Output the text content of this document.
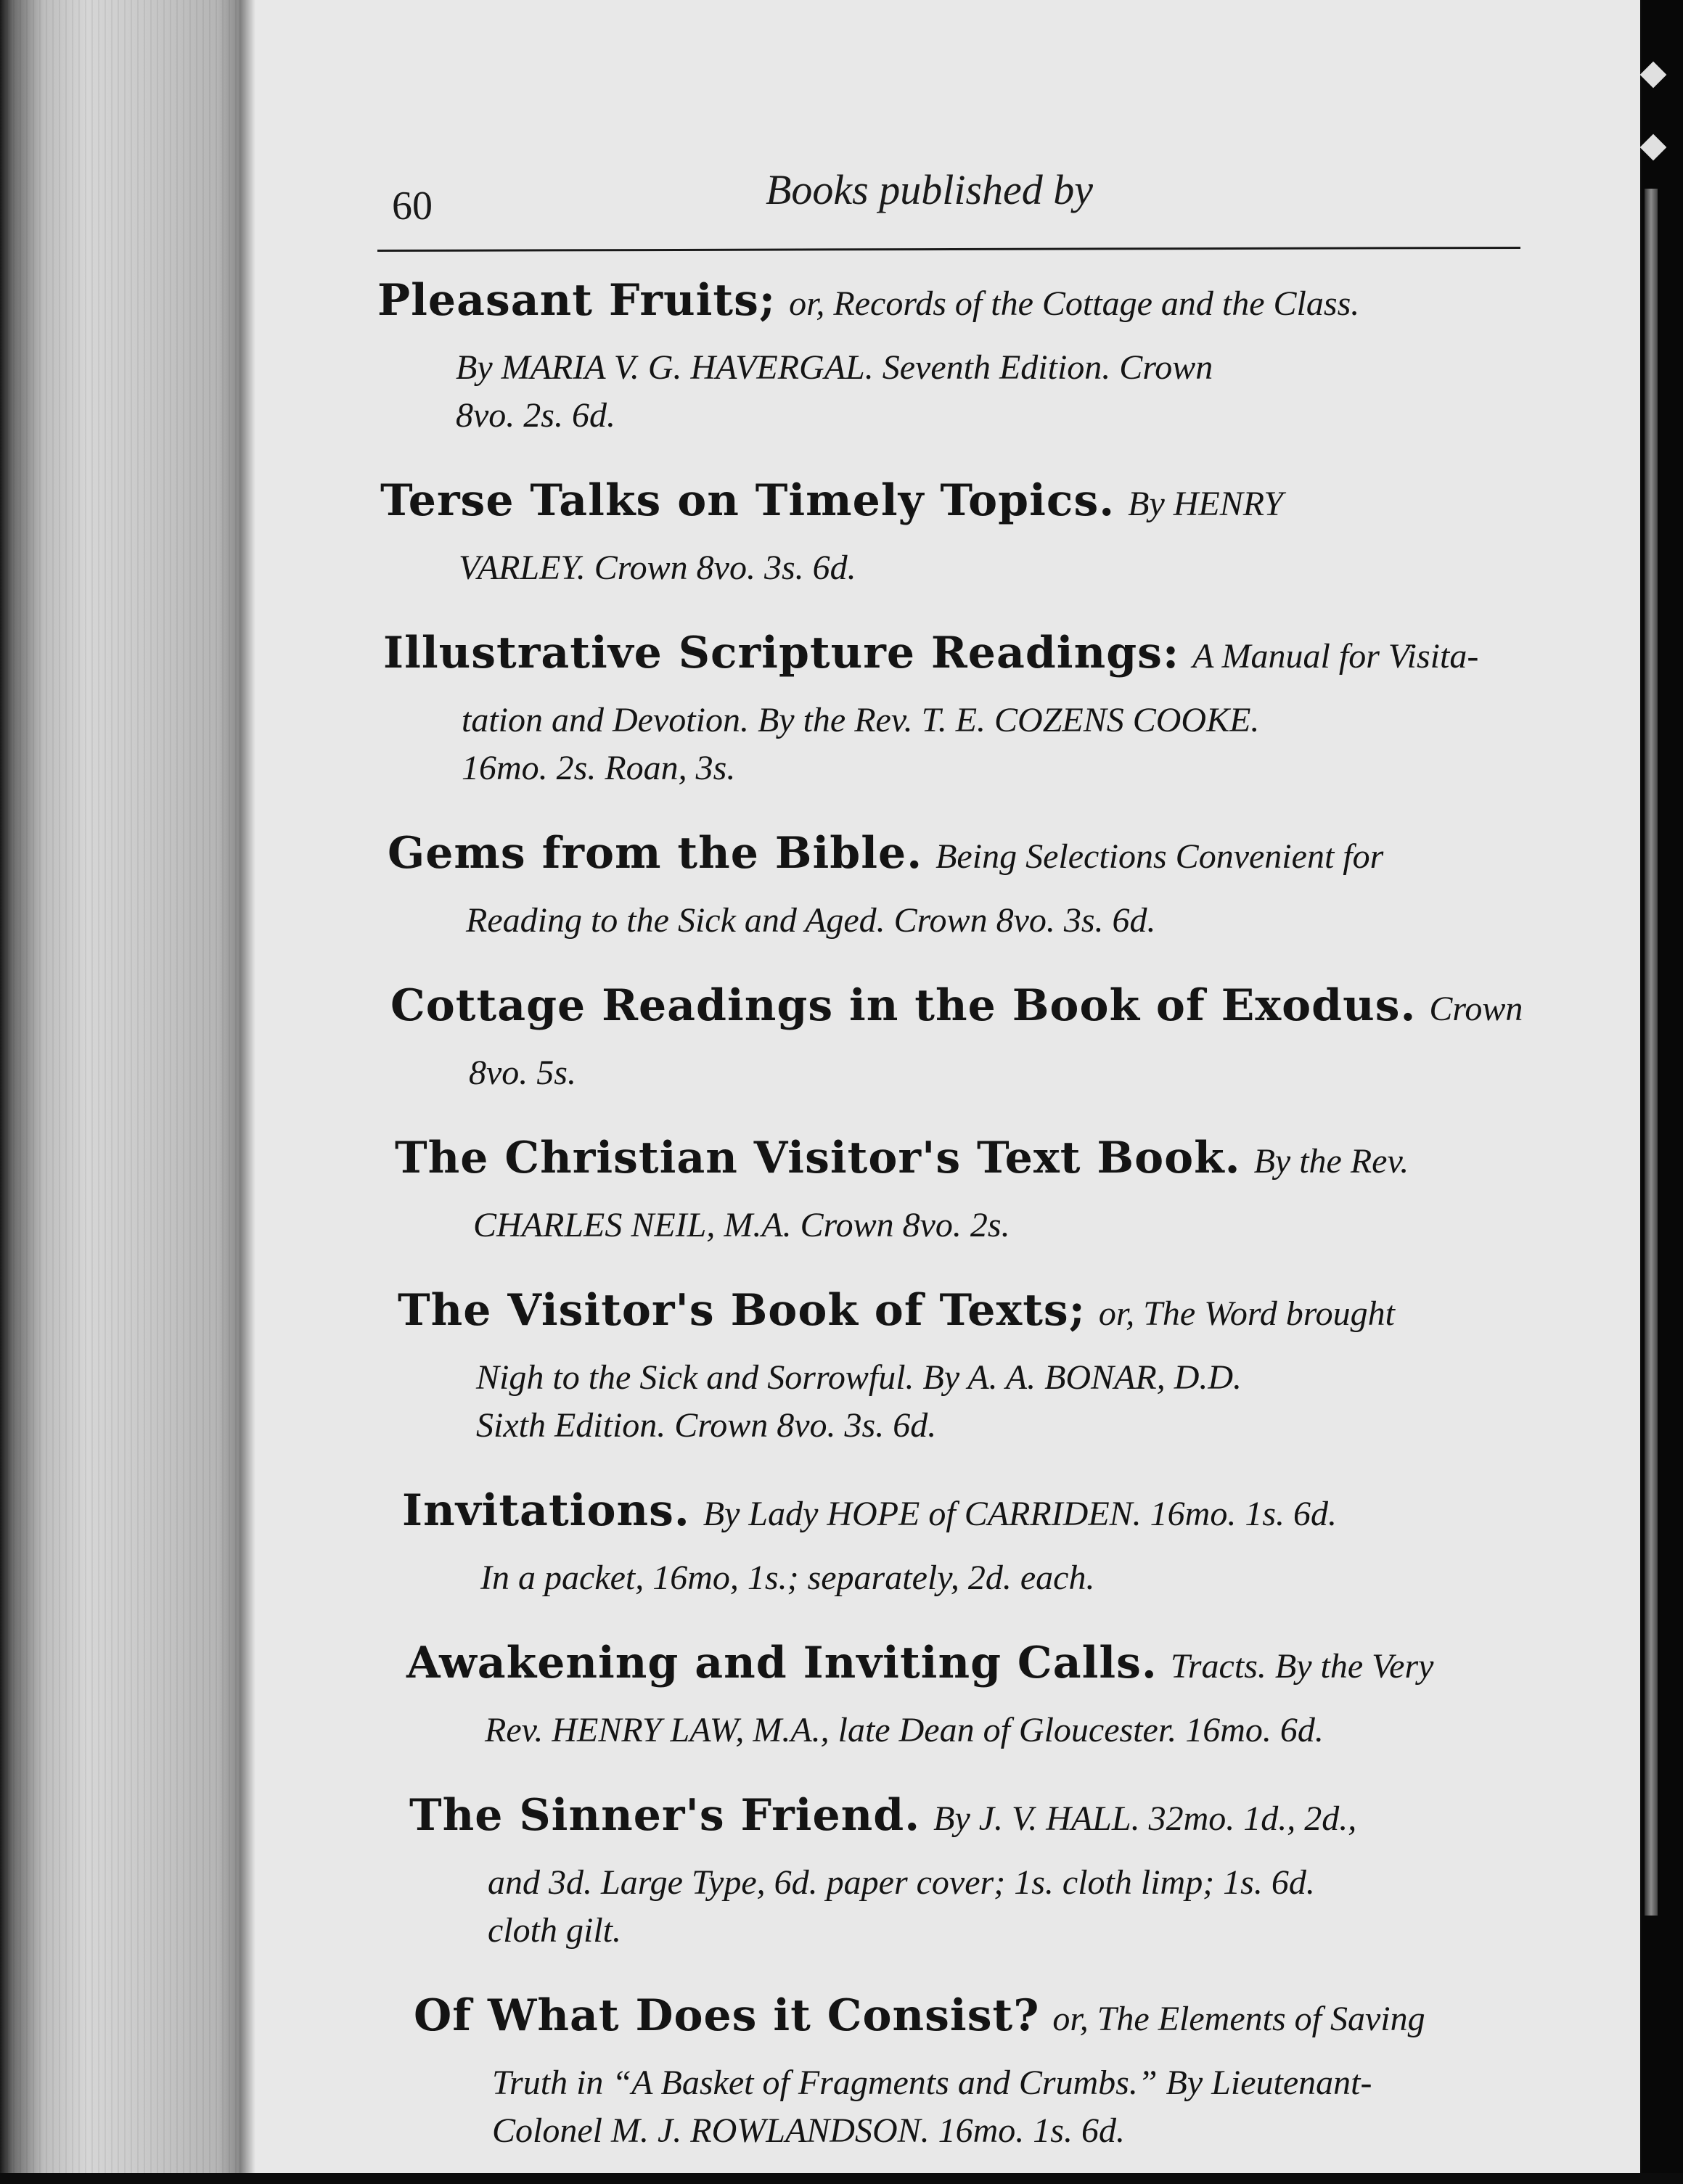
60	Books published by
Pleasant Fruits; or, Records of the Cottage and the Class.
By MARIA V. G. HAVERGAL. Seventh Edition. Crown
8vo. 2s. 6d.
Terse Talks on Timely Topics. By HENRY
VARLEY. Crown 8vo. 3s. 6d.
Illustrative Scripture Readings: A Manual for Visita-
tation and Devotion. By the Rev. T. E. COZENS COOKE.
16mo. 2s. Roan, 3s.
Gems from the Bible. Being Selections Convenient for
Reading to the Sick and Aged. Crown 8vo. 3s. 6d.
Cottage Readings in the Book of Exodus. Crown
8vo. 5s.
The Christian Visitor's Text Book. By the Rev.
CHARLES NEIL, M.A. Crown 8vo. 2s.
The Visitor's Book of Texts; or, The Word brought
Nigh to the Sick and Sorrowful. By A. A. BONAR, D.D.
Sixth Edition. Crown 8vo. 3s. 6d.
Invitations. By Lady HOPE of CARRIDEN. 16mo. 1s. 6d.
In a packet, 16mo, 1s.; separately, 2d. each.
Awakening and Inviting Calls. Tracts. By the Very
Rev. HENRY LAW, M.A., late Dean of Gloucester. 16mo. 6d.
The Sinner's Friend. By J. V. HALL. 32mo. 1d., 2d.,
and 3d. Large Type, 6d. paper cover; 1s. cloth limp; 1s. 6d.
cloth gilt.
Of What Does it Consist? or, The Elements of Saving
Truth in “A Basket of Fragments and Crumbs.” By Lieutenant-
Colonel M. J. ROWLANDSON. 16mo. 1s. 6d.
